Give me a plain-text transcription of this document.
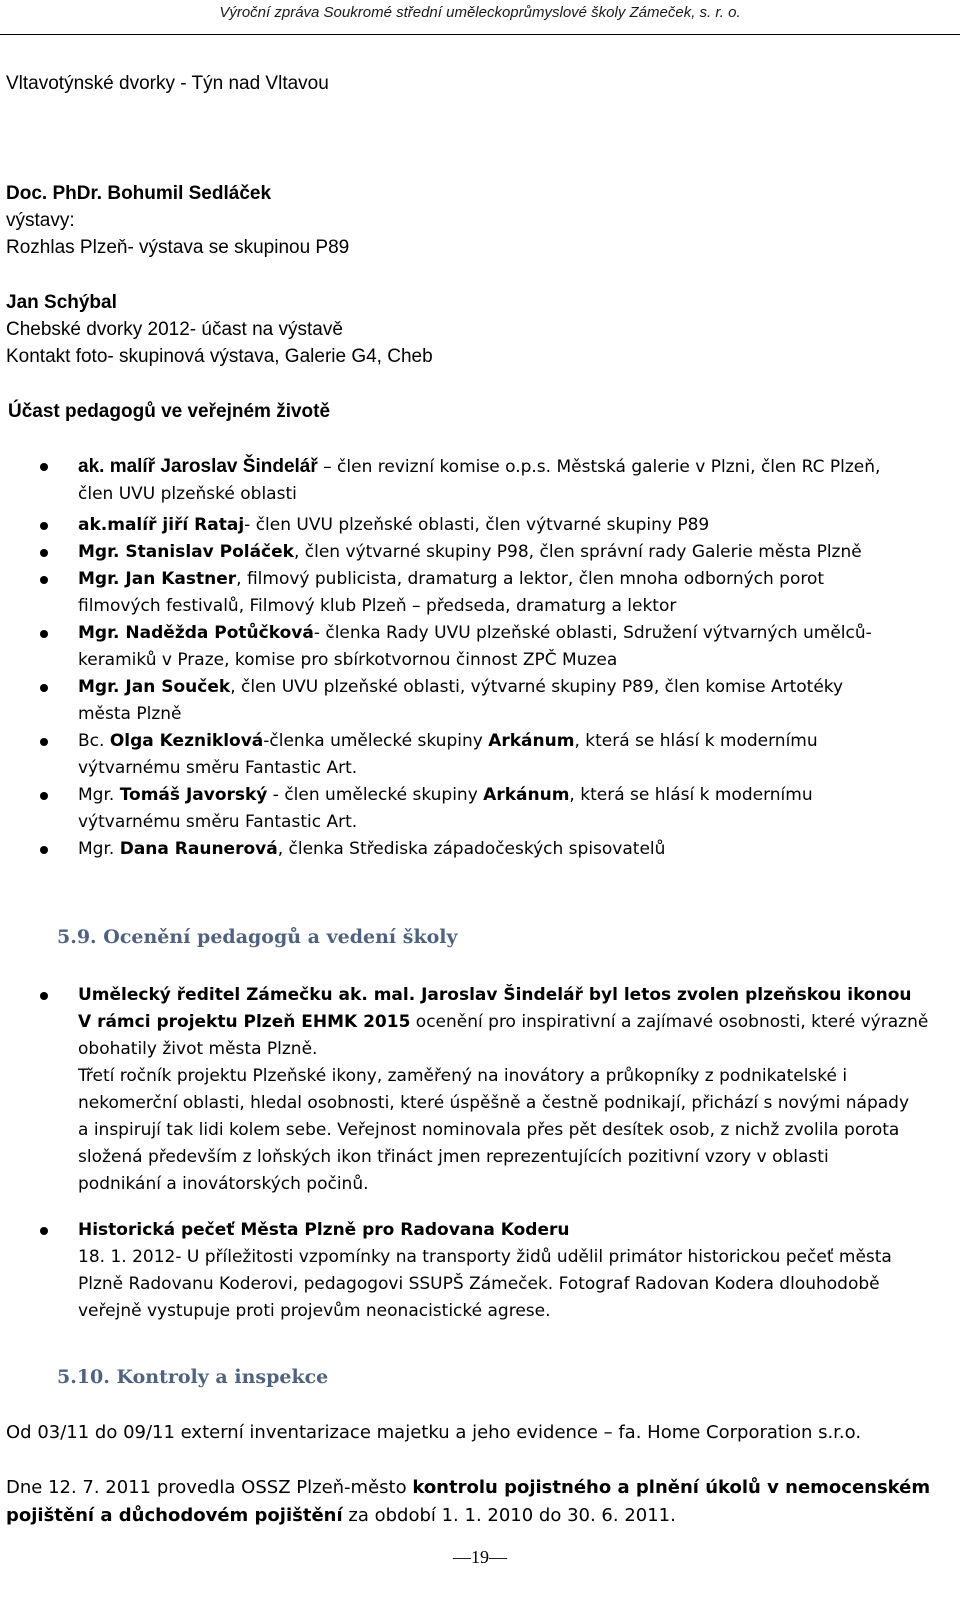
Výroční zpráva Soukromé střední uměleckoprůmyslové školy Zámeček, s. r. o.
Vltavotýnské dvorky - Týn nad Vltavou
Doc. PhDr. Bohumil Sedláček
výstavy:
Rozhlas Plzeň- výstava se skupinou P89
Jan Schýbal
Chebské dvorky 2012- účast na výstavě
Kontakt foto- skupinová výstava, Galerie G4, Cheb
Účast pedagogů ve veřejném životě
ak. malíř Jaroslav Šindelář – člen revizní komise o.p.s. Městská galerie v Plzni, člen RC Plzeň,
člen UVU plzeňské oblasti
ak.malíř jiří Rataj- člen UVU plzeňské oblasti, člen výtvarné skupiny P89
Mgr. Stanislav Poláček, člen výtvarné skupiny P98, člen správní rady Galerie města Plzně
Mgr. Jan Kastner, filmový publicista, dramaturg a lektor, člen mnoha odborných porot
filmových festivalů, Filmový klub Plzeň – předseda, dramaturg a lektor
Mgr. Naděžda Potůčková- členka Rady UVU plzeňské oblasti, Sdružení výtvarných umělců-
keramiků v Praze, komise pro sbírkotvornou činnost ZPČ Muzea
Mgr. Jan Souček, člen UVU plzeňské oblasti, výtvarné skupiny P89, člen komise Artotéky
města Plzně
Bc. Olga Kezniklová-členka umělecké skupiny Arkánum, která se hlásí k modernímu
výtvarnému směru Fantastic Art.
Mgr. Tomáš Javorský - člen umělecké skupiny Arkánum, která se hlásí k modernímu
výtvarnému směru Fantastic Art.
Mgr. Dana Raunerová, členka Střediska západočeských spisovatelů
5.9. Ocenění pedagogů a vedení školy
Umělecký ředitel Zámečku ak. mal. Jaroslav Šindelář byl letos zvolen plzeňskou ikonou
V rámci projektu Plzeň EHMK 2015 ocenění pro inspirativní a zajímavé osobnosti, které výrazně
obohatily život města Plzně.
Třetí ročník projektu Plzeňské ikony, zaměřený na inovátory a průkopníky z podnikatelské i
nekomerční oblasti, hledal osobnosti, které úspěšně a čestně podnikají, přichází s novými nápady
a inspirují tak lidi kolem sebe. Veřejnost nominovala přes pět desítek osob, z nichž zvolila porota
složená především z loňských ikon třináct jmen reprezentujících pozitivní vzory v oblasti
podnikání a inovátorských počinů.
Historická pečeť Města Plzně pro Radovana Koderu
18. 1. 2012- U příležitosti vzpomínky na transporty židů udělil primátor historickou pečeť města
Plzně Radovanu Koderovi, pedagogovi SSUPŠ Zámeček. Fotograf Radovan Kodera dlouhodobě
veřejně vystupuje proti projevům neonacistické agrese.
5.10. Kontroly a inspekce
Od 03/11 do 09/11 externí inventarizace majetku a jeho evidence – fa. Home Corporation s.r.o.
Dne 12. 7. 2011 provedla OSSZ Plzeň-město kontrolu pojistného a plnění úkolů v nemocenském
pojištění a důchodovém pojištění za období 1. 1. 2010 do 30. 6. 2011.
—19—
